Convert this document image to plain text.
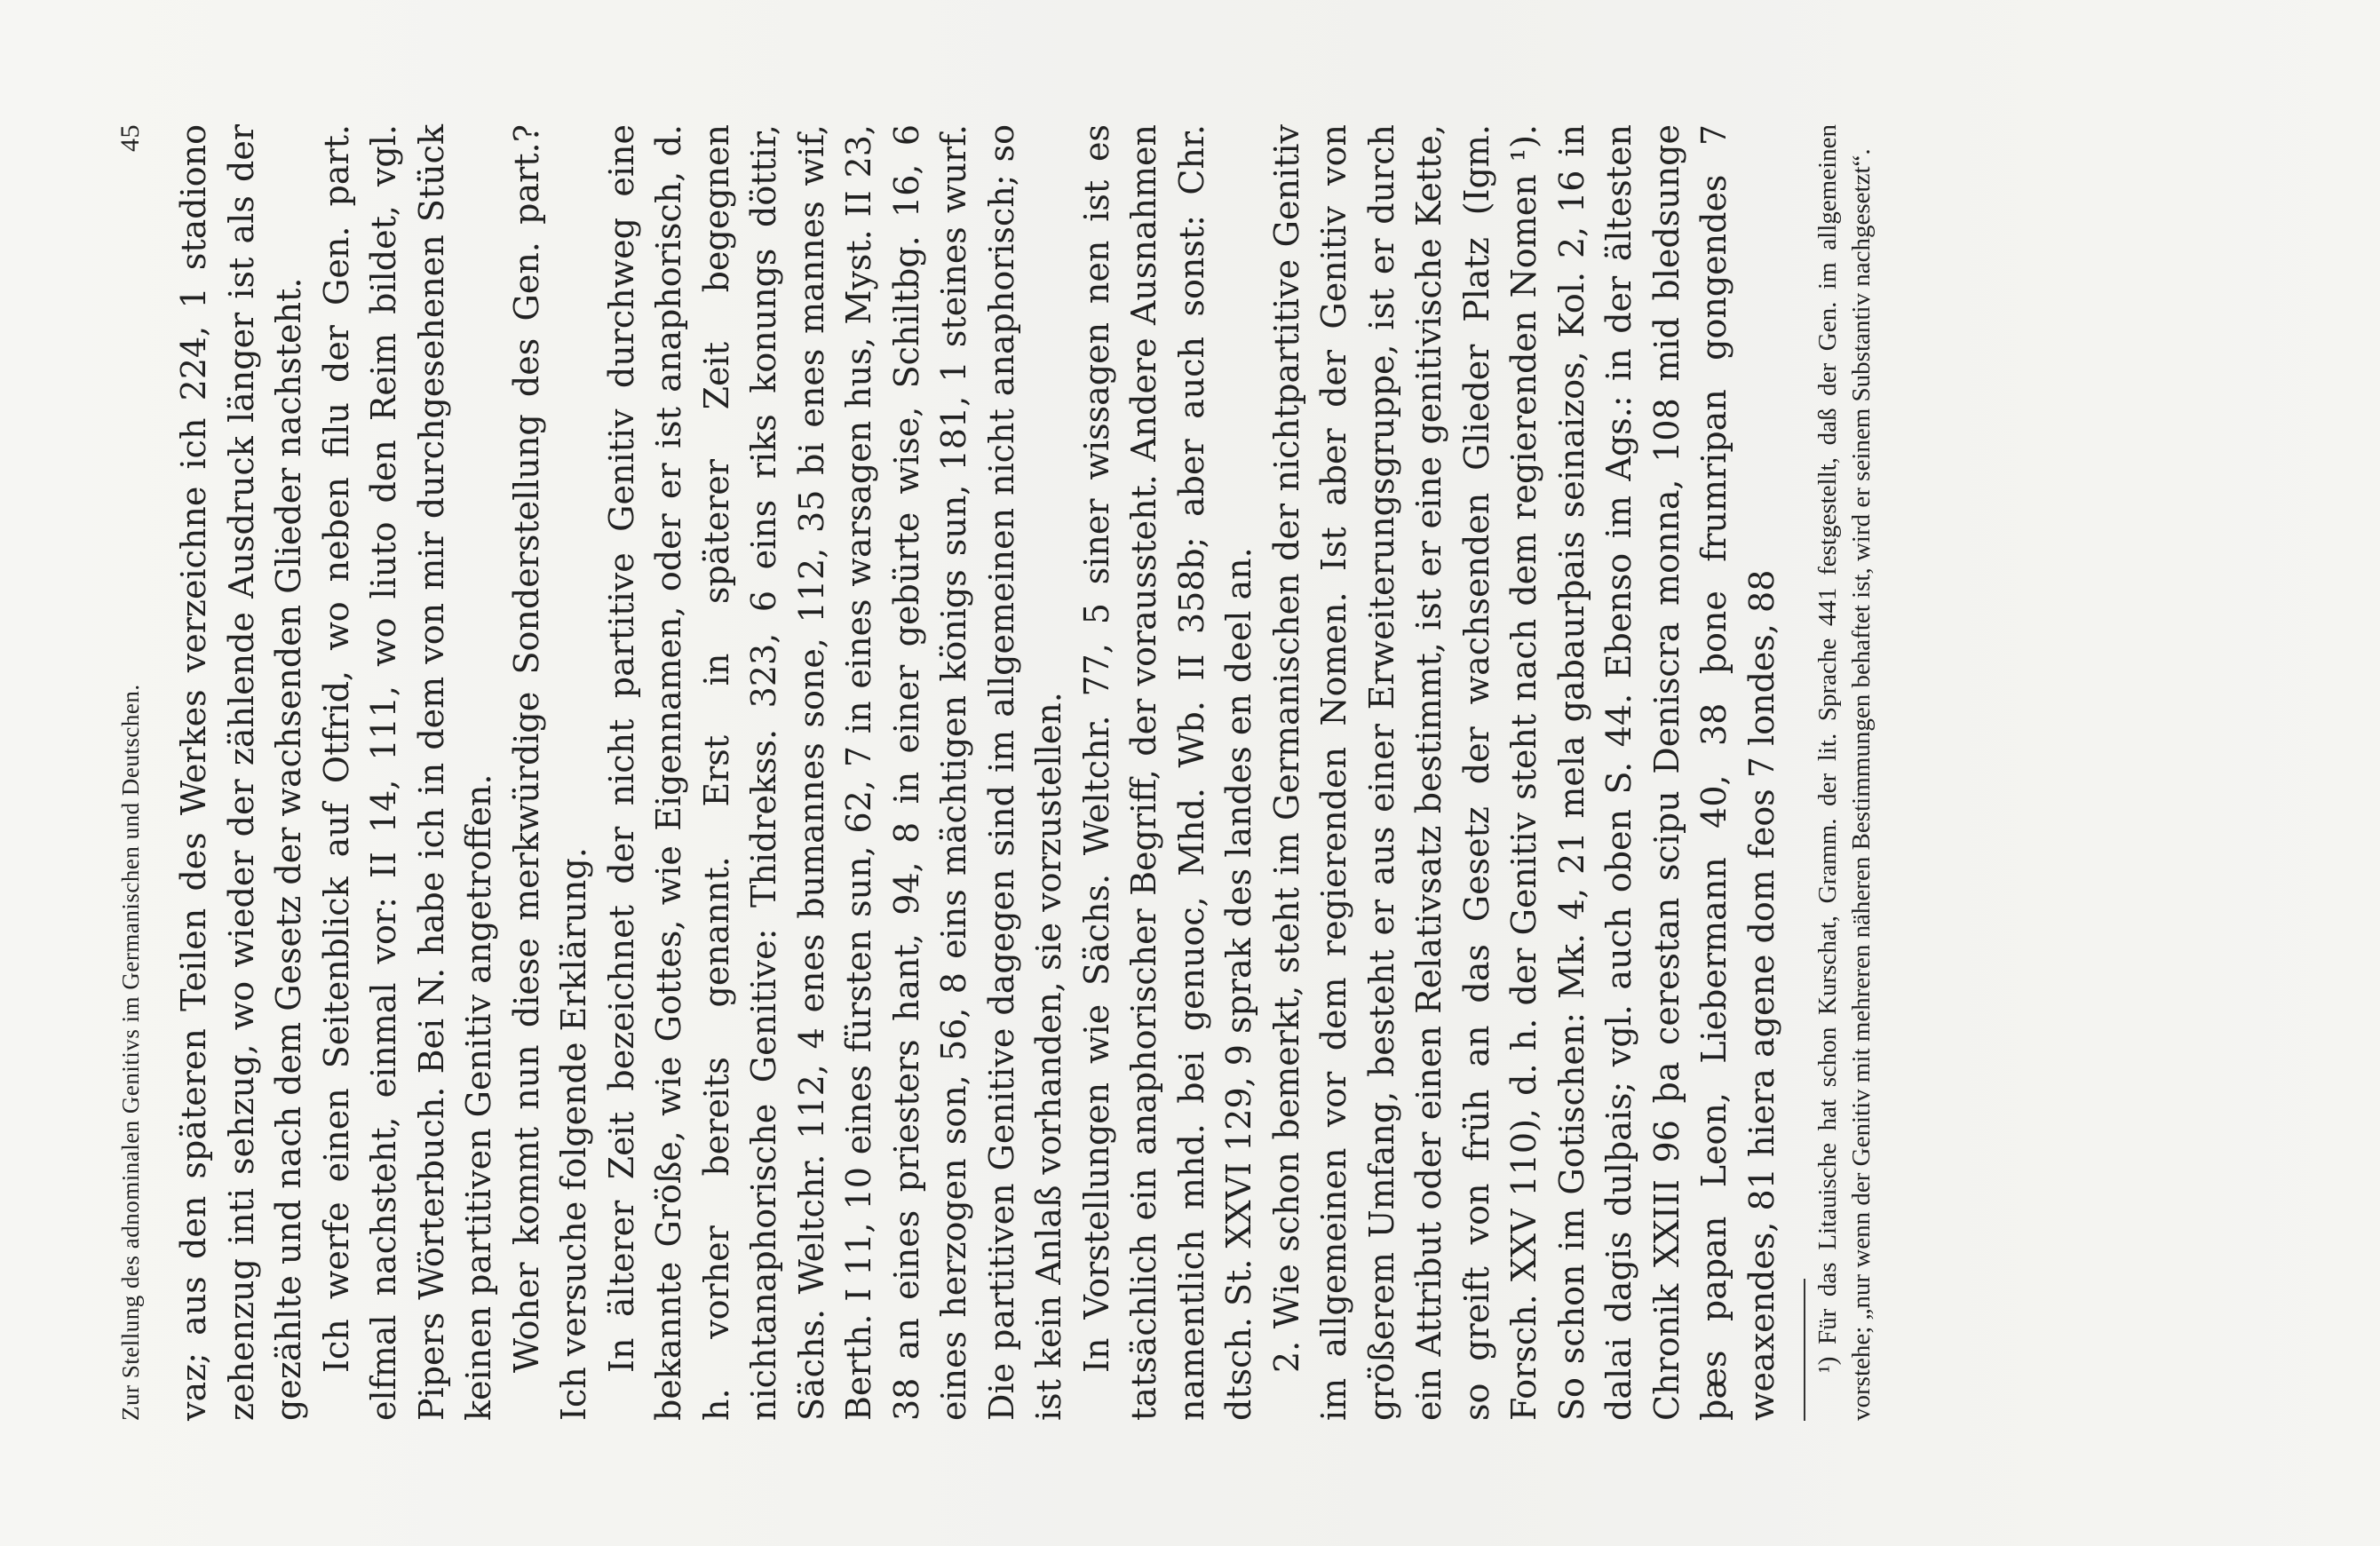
Zur Stellung des adnominalen Genitivs im Germanischen und Deutschen.
45 vaz; aus den späteren Teilen des Werkes verzeichne ich 224, 1 stadiono zehenzug inti sehzug, wo wieder der zählende Ausdruck länger ist als der gezählte und nach dem Gesetz der wachsenden Glieder nachsteht. Ich werfe einen Seitenblick auf Otfrid, wo neben filu der Gen. part. elfmal nachsteht, einmal vor: II 14, 111, wo liuto den Reim bildet, vgl. Pipers Wörterbuch. Bei N. habe ich in dem von mir durchgesehenen Stück keinen partitiven Genitiv angetroffen. Woher kommt nun diese merkwürdige Sonderstellung des Gen. part.? Ich versuche folgende Erklärung. In älterer Zeit bezeichnet der nicht partitive Genitiv durchweg eine bekannte Größe, wie Gottes, wie Eigennamen, oder er ist anaphorisch, d. h. vorher bereits genannt. Erst in späterer Zeit begegnen nichtanaphorische Genitive: Thidrekss. 323, 6 eins riks konungs döttir, Sächs. Weltchr. 112, 4 enes bumannes sone, 112, 35 bi enes mannes wif, Berth. I 11, 10 eines fürsten sun, 62, 7 in eines warsagen hus, Myst. II 23, 38 an eines priesters hant, 94, 8 in einer gebürte wise, Schiltbg. 16, 6 eines herzogen son, 56, 8 eins mächtigen königs sun, 181, 1 steines wurf. Die partitiven Genitive dagegen sind im allgemeinen nicht anaphorisch; so ist kein Anlaß vorhanden, sie vorzustellen. In Vorstellungen wie Sächs. Weltchr. 77, 5 siner wissagen nen ist es tatsächlich ein anaphorischer Begriff, der voraussteht. Andere Ausnahmen namentlich mhd. bei genuoc, Mhd. Wb. II 358b; aber auch sonst: Chr. dtsch. St. XXVI 129, 9 sprak des landes en deel an. 2. Wie schon bemerkt, steht im Germanischen der nichtpartitive Genitiv im allgemeinen vor dem regierenden Nomen. Ist aber der Genitiv von größerem Umfang, besteht er aus einer Erweiterungsgruppe, ist er durch ein Attribut oder einen Relativsatz bestimmt, ist er eine genitivische Kette, so greift von früh an das Gesetz der wachsenden Glieder Platz (Igm. Forsch. XXV 110), d. h. der Genitiv steht nach dem regierenden Nomen ¹). So schon im Gotischen: Mk. 4, 21 mela gabaurþais seinaizos, Kol. 2, 16 in dalai dagis dulþais; vgl. auch oben S. 44. Ebenso im Ags.: in der ältesten Chronik XXIII 96 þa cerestan scipu Deniscra monna, 108 mid bledsunge þæs papan Leon, Liebermann 40, 38 þone frumripan gongendes 7 weaxendes, 81 hiera agene dom feos 7 londes, 88 ¹) Für das Litauische hat schon Kurschat, Gramm. der lit. Sprache 441 festgestellt, daß der Gen. im allgemeinen vorstehe; „nur wenn der Genitiv mit mehreren näheren Bestimmungen behaftet ist, wird er seinem Substantiv nachgesetzt“.
